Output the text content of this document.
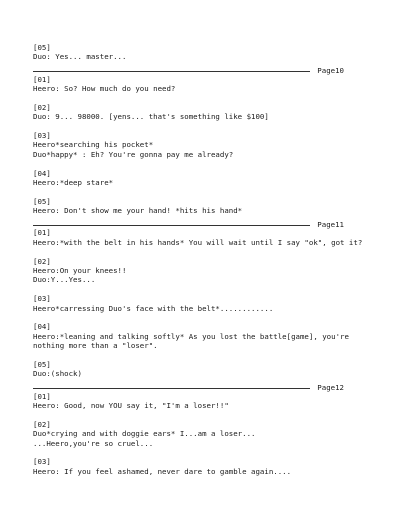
[05]
Duo: Yes... master...
Page10
[01]
Heero: So? How much do you need?
[02]
Duo: 9... 98000. [yens... that's something like $100]
[03]
Heero*searching his pocket*
Duo*happy* : Eh? You're gonna pay me already?
[04]
Heero:*deep stare*
[05]
Heero: Don't show me your hand! *hits his hand*
Page11
[01]
Heero:*with the belt in his hands* You will wait until I say "ok", got it?
[02]
Heero:On your knees!!
Duo:Y...Yes...
[03]
Heero*carressing Duo's face with the belt*............
[04]
Heero:*leaning and talking softly* As you lost the battle[game], you're
nothing more than a "loser".
[05]
Duo:(shock)
Page12
[01]
Heero: Good, now YOU say it, "I'm a loser!!"
[02]
Duo*crying and with doggie ears* I...am a loser...
...Heero,you're so cruel...
[03]
Heero: If you feel ashamed, never dare to gamble again....
